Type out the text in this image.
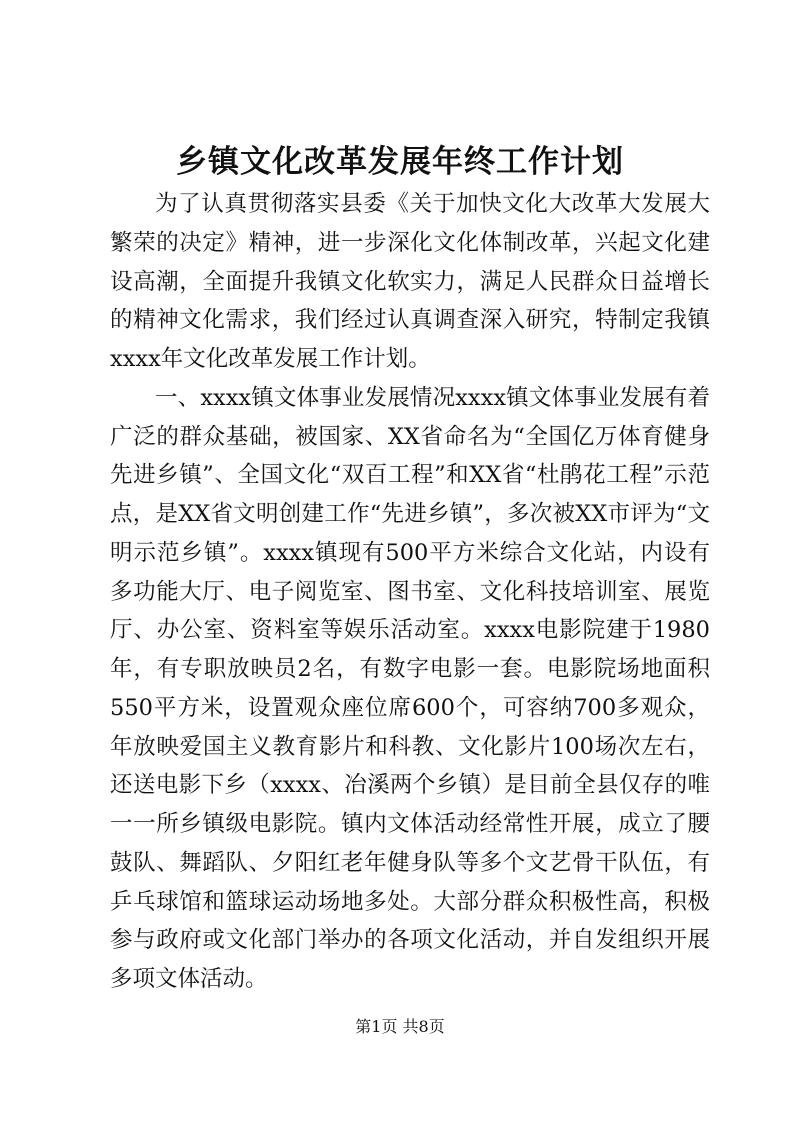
乡镇文化改革发展年终工作计划

为了认真贯彻落实县委《关于加快文化大改革大发展大繁荣的决定》精神，进一步深化文化体制改革，兴起文化建设高潮，全面提升我镇文化软实力，满足人民群众日益增长的精神文化需求，我们经过认真调查深入研究，特制定我镇xxxx年文化改革发展工作计划。

一、xxxx镇文体事业发展情况xxxx镇文体事业发展有着广泛的群众基础，被国家、XX省命名为“全国亿万体育健身先进乡镇”、全国文化“双百工程”和XX省“杜鹃花工程”示范点，是XX省文明创建工作“先进乡镇”，多次被XX市评为“文明示范乡镇”。xxxx镇现有500平方米综合文化站，内设有多功能大厅、电子阅览室、图书室、文化科技培训室、展览厅、办公室、资料室等娱乐活动室。xxxx电影院建于1980年，有专职放映员2名，有数字电影一套。电影院场地面积550平方米，设置观众座位席600个，可容纳700多观众，年放映爱国主义教育影片和科教、文化影片100场次左右，还送电影下乡（xxxx、冶溪两个乡镇）是目前全县仅存的唯一一所乡镇级电影院。镇内文体活动经常性开展，成立了腰鼓队、舞蹈队、夕阳红老年健身队等多个文艺骨干队伍，有乒乓球馆和篮球运动场地多处。大部分群众积极性高，积极参与政府或文化部门举办的各项文化活动，并自发组织开展多项文体活动。

第1页 共8页
